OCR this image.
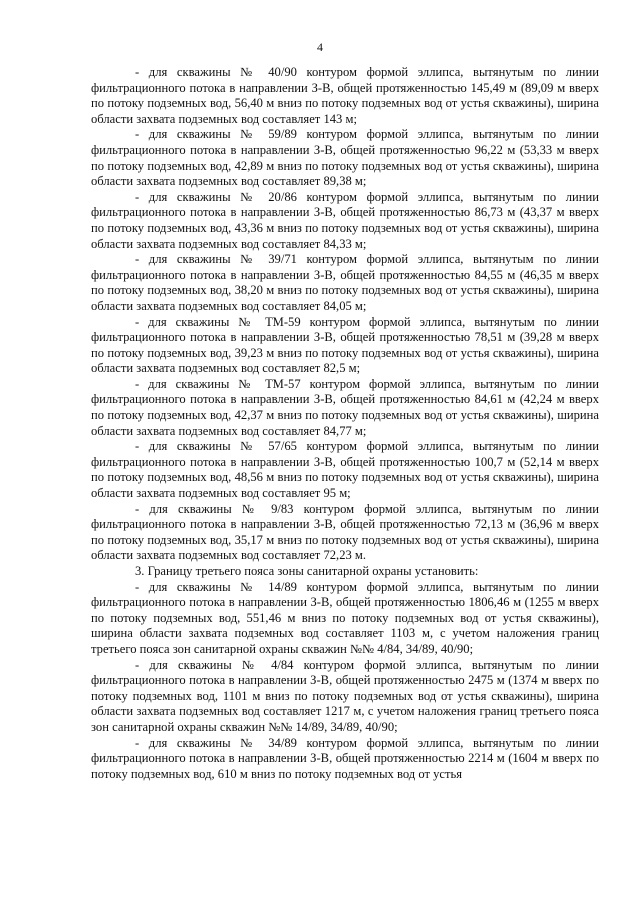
4

- для скважины № 40/90 контуром формой эллипса, вытянутым по линии фильтрационного потока в направлении З-В, общей протяженностью 145,49 м (89,09 м вверх по потоку подземных вод, 56,40 м вниз по потоку подземных вод от устья скважины), ширина области захвата подземных вод составляет 143 м;

- для скважины № 59/89 контуром формой эллипса, вытянутым по линии фильтрационного потока в направлении З-В, общей протяженностью 96,22 м (53,33 м вверх по потоку подземных вод, 42,89 м вниз по потоку подземных вод от устья скважины), ширина области захвата подземных вод составляет 89,38 м;

- для скважины № 20/86 контуром формой эллипса, вытянутым по линии фильтрационного потока в направлении З-В, общей протяженностью 86,73 м (43,37 м вверх по потоку подземных вод, 43,36 м вниз по потоку подземных вод от устья скважины), ширина области захвата подземных вод составляет 84,33 м;

- для скважины № 39/71 контуром формой эллипса, вытянутым по линии фильтрационного потока в направлении З-В, общей протяженностью 84,55 м (46,35 м вверх по потоку подземных вод, 38,20 м вниз по потоку подземных вод от устья скважины), ширина области захвата подземных вод составляет 84,05 м;

- для скважины № ТМ-59 контуром формой эллипса, вытянутым по линии фильтрационного потока в направлении З-В, общей протяженностью 78,51 м (39,28 м вверх по потоку подземных вод, 39,23 м вниз по потоку подземных вод от устья скважины), ширина области захвата подземных вод составляет 82,5 м;

- для скважины № ТМ-57 контуром формой эллипса, вытянутым по линии фильтрационного потока в направлении З-В, общей протяженностью 84,61 м (42,24 м вверх по потоку подземных вод, 42,37 м вниз по потоку подземных вод от устья скважины), ширина области захвата подземных вод составляет 84,77 м;

- для скважины № 57/65 контуром формой эллипса, вытянутым по линии фильтрационного потока в направлении З-В, общей протяженностью 100,7 м (52,14 м вверх по потоку подземных вод, 48,56 м вниз по потоку подземных вод от устья скважины), ширина области захвата подземных вод составляет 95 м;

- для скважины № 9/83 контуром формой эллипса, вытянутым по линии фильтрационного потока в направлении З-В, общей протяженностью 72,13 м (36,96 м вверх по потоку подземных вод, 35,17 м вниз по потоку подземных вод от устья скважины), ширина области захвата подземных вод составляет 72,23 м.

3. Границу третьего пояса зоны санитарной охраны установить:

- для скважины № 14/89 контуром формой эллипса, вытянутым по линии фильтрационного потока в направлении З-В, общей протяженностью 1806,46 м (1255 м вверх по потоку подземных вод, 551,46 м вниз по потоку подземных вод от устья скважины), ширина области захвата подземных вод составляет 1103 м, с учетом наложения границ третьего пояса зон санитарной охраны скважин №№ 4/84, 34/89, 40/90;

- для скважины № 4/84 контуром формой эллипса, вытянутым по линии фильтрационного потока в направлении З-В, общей протяженностью 2475 м (1374 м вверх по потоку подземных вод, 1101 м вниз по потоку подземных вод от устья скважины), ширина области захвата подземных вод составляет 1217 м, с учетом наложения границ третьего пояса зон санитарной охраны скважин №№ 14/89, 34/89, 40/90;

- для скважины № 34/89 контуром формой эллипса, вытянутым по линии фильтрационного потока в направлении З-В, общей протяженностью 2214 м (1604 м вверх по потоку подземных вод, 610 м вниз по потоку подземных вод от устья
